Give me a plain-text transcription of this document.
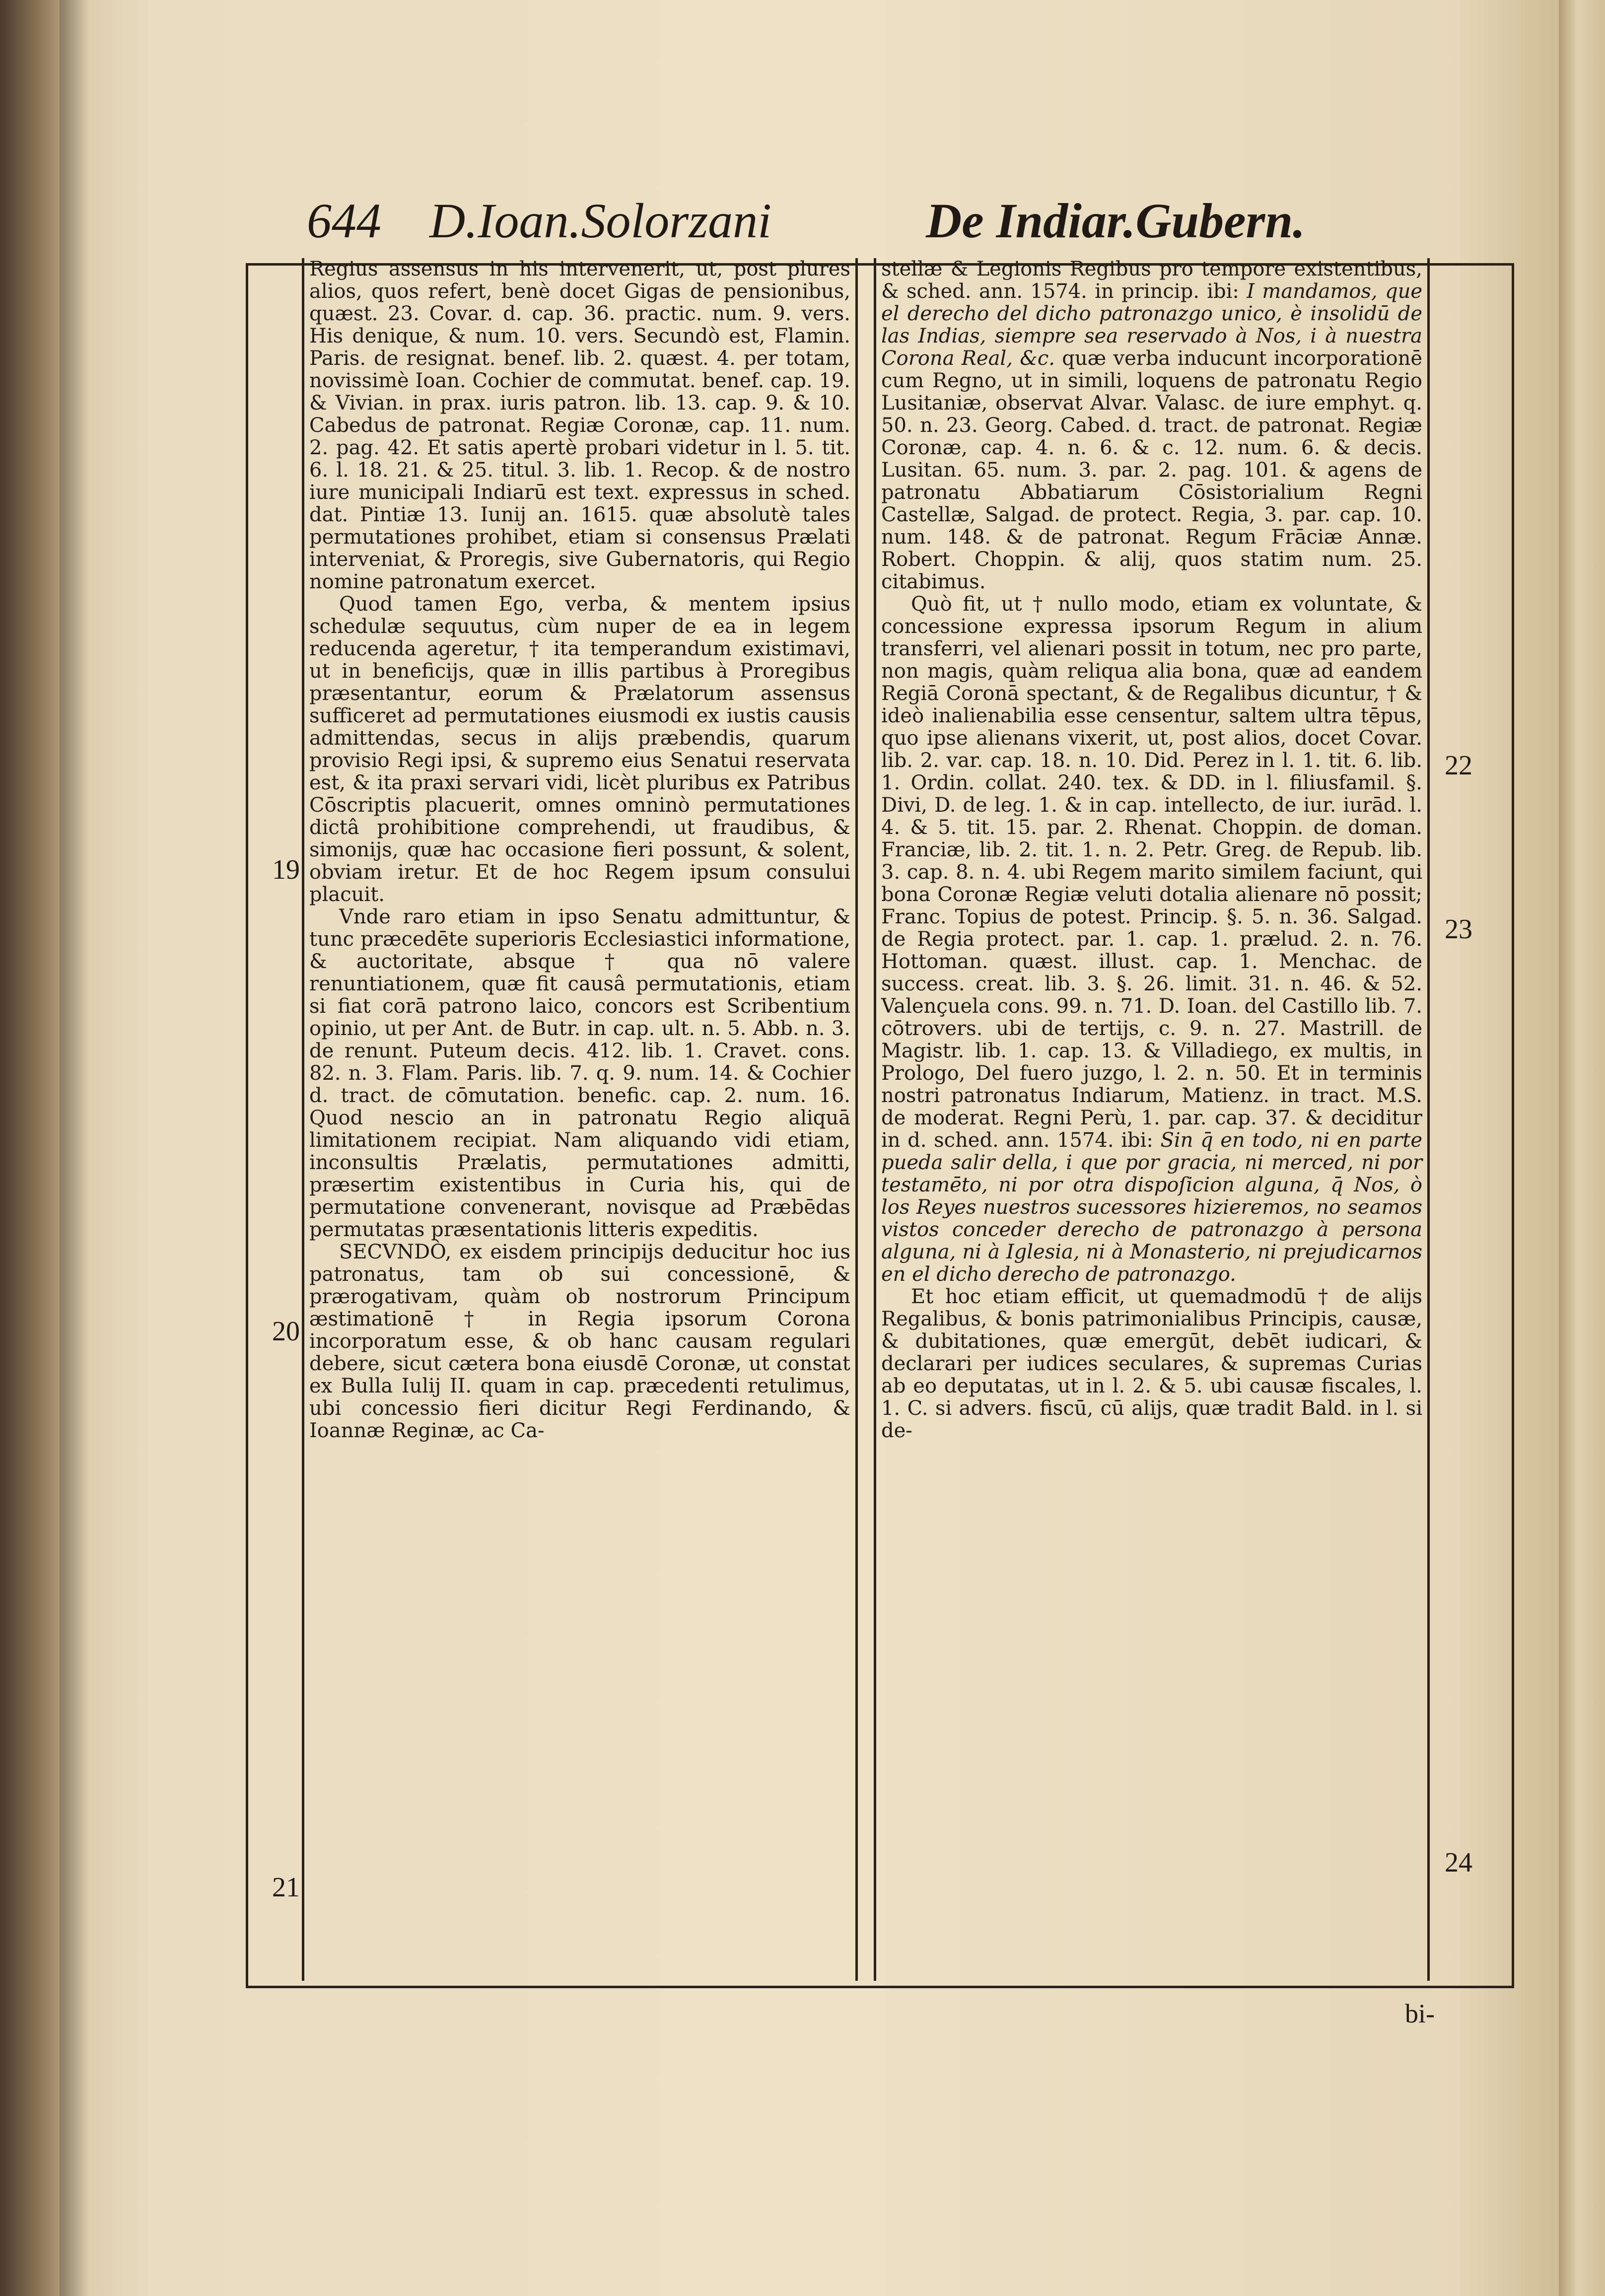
644 D.Ioan.Solorzani	De Indiar.Gubern.

Regius assensus in his intervenerit, ut, post plures alios, quos refert, benè docet Gigas de pensionibus, quæst. 23. Covar. d. cap. 36. practic. num. 9. vers. His denique, & num. 10. vers. Secundò est, Flamin. Paris. de resignat. benef. lib. 2. quæst. 4. per totam, novissimè Ioan. Cochier de commutat. benef. cap. 19. & Vivian. in prax. iuris patron. lib. 13. cap. 9. & 10. Cabedus de patronat. Regiæ Coronæ, cap. 11. num. 2. pag. 42. Et satis apertè probari videtur in l. 5. tit. 6. l. 18. 21. & 25. titul. 3. lib. 1. Recop. & de nostro iure municipali Indiarū est text. expressus in sched. dat. Pintiæ 13. Iunij an. 1615. quæ absolutè tales permutationes prohibet, etiam si consensus Prælati interveniat, & Proregis, sive Gubernatoris, qui Regio nomine patronatum exercet.

Quod tamen Ego, verba, & mentem ipsius schedulæ sequutus, cùm nuper de ea in legem reducenda ageretur, † ita temperandum existimavi, ut in beneficijs, quæ in illis partibus à Proregibus præsentantur, eorum & Prælatorum assensus sufficeret ad permutationes eiusmodi ex iustis causis admittendas, secus in alijs præbendis, quarum provisio Regi ipsi, & supremo eius Senatui reservata est, & ita praxi servari vidi, licèt pluribus ex Patribus Cōscriptis placuerit, omnes omninò permutationes dictâ prohibitione comprehendi, ut fraudibus, & simonijs, quæ hac occasione fieri possunt, & solent, obviam iretur. Et de hoc Regem ipsum consului placuit.

Vnde raro etiam in ipso Senatu admittuntur, & tunc præcedēte superioris Ecclesiastici informatione, & auctoritate, absque † qua nō valere renuntiationem, quæ fit causâ permutationis, etiam si fiat corā patrono laico, concors est Scribentium opinio, ut per Ant. de Butr. in cap. ult. n. 5. Abb. n. 3. de renunt. Puteum decis. 412. lib. 1. Cravet. cons. 82. n. 3. Flam. Paris. lib. 7. q. 9. num. 14. & Cochier d. tract. de cōmutation. benefic. cap. 2. num. 16. Quod nescio an in patronatu Regio aliquā limitationem recipiat. Nam aliquando vidi etiam, inconsultis Prælatis, permutationes admitti, præsertim existentibus in Curia his, qui de permutatione convenerant, novisque ad Præbēdas permutatas præsentationis litteris expeditis.

SECVNDÒ, ex eisdem principijs deducitur hoc ius patronatus, tam ob sui concessionē, & prærogativam, quàm ob nostrorum Principum æstimationē † in Regia ipsorum Corona incorporatum esse, & ob hanc causam regulari debere, sicut cætera bona eiusdē Coronæ, ut constat ex Bulla Iulij II. quam in cap. præcedenti retulimus, ubi concessio fieri dicitur Regi Ferdinando, & Ioannæ Reginæ, ac Ca-

stellæ & Legionis Regibus pro tempore existentibus, & sched. ann. 1574. in princip. ibi: I mandamos, que el derecho del dicho patronazgo unico, è insolidū de las Indias, siempre sea reservado à Nos, i à nuestra Corona Real, &c. quæ verba inducunt incorporationē cum Regno, ut in simili, loquens de patronatu Regio Lusitaniæ, observat Alvar. Valasc. de iure emphyt. q. 50. n. 23. Georg. Cabed. d. tract. de patronat. Regiæ Coronæ, cap. 4. n. 6. & c. 12. num. 6. & decis. Lusitan. 65. num. 3. par. 2. pag. 101. & agens de patronatu Abbatiarum Cōsistorialium Regni Castellæ, Salgad. de protect. Regia, 3. par. cap. 10. num. 148. & de patronat. Regum Frāciæ Annæ. Robert. Choppin. & alij, quos statim num. 25. citabimus.

Quò fit, ut † nullo modo, etiam ex voluntate, & concessione expressa ipsorum Regum in alium transferri, vel alienari possit in totum, nec pro parte, non magis, quàm reliqua alia bona, quæ ad eandem Regiā Coronā spectant, & de Regalibus dicuntur, † & ideò inalienabilia esse censentur, saltem ultra tēpus, quo ipse alienans vixerit, ut, post alios, docet Covar. lib. 2. var. cap. 18. n. 10. Did. Perez in l. 1. tit. 6. lib. 1. Ordin. collat. 240. tex. & DD. in l. filiusfamil. §. Divi, D. de leg. 1. & in cap. intellecto, de iur. iurād. l. 4. & 5. tit. 15. par. 2. Rhenat. Choppin. de doman. Franciæ, lib. 2. tit. 1. n. 2. Petr. Greg. de Repub. lib. 3. cap. 8. n. 4. ubi Regem marito similem faciunt, qui bona Coronæ Regiæ veluti dotalia alienare nō possit; Franc. Topius de potest. Princip. §. 5. n. 36. Salgad. de Regia protect. par. 1. cap. 1. prælud. 2. n. 76. Hottoman. quæst. illust. cap. 1. Menchac. de success. creat. lib. 3. §. 26. limit. 31. n. 46. & 52. Valençuela cons. 99. n. 71. D. Ioan. del Castillo lib. 7. cōtrovers. ubi de tertijs, c. 9. n. 27. Mastrill. de Magistr. lib. 1. cap. 13. & Villadiego, ex multis, in Prologo, Del fuero juzgo, l. 2. n. 50. Et in terminis nostri patronatus Indiarum, Matienz. in tract. M.S. de moderat. Regni Perù, 1. par. cap. 37. & deciditur in d. sched. ann. 1574. ibi: Sin q̄ en todo, ni en parte pueda salir della, i que por gracia, ni merced, ni por testamēto, ni por otra dispoſicion alguna, q̄ Nos, ò los Reyes nuestros sucessores hizieremos, no seamos vistos conceder derecho de patronazgo à persona alguna, ni à Iglesia, ni à Monasterio, ni prejudicarnos en el dicho derecho de patronazgo.

Et hoc etiam efficit, ut quemadmodū † de alijs Regalibus, & bonis patrimonialibus Principis, causæ, & dubitationes, quæ emergūt, debēt iudicari, & declarari per iudices seculares, & supremas Curias ab eo deputatas, ut in l. 2. & 5. ubi causæ fiscales, l. 1. C. si advers. fiscū, cū alijs, quæ tradit Bald. in l. si de-

19
20
21
22
23
24
bi-
